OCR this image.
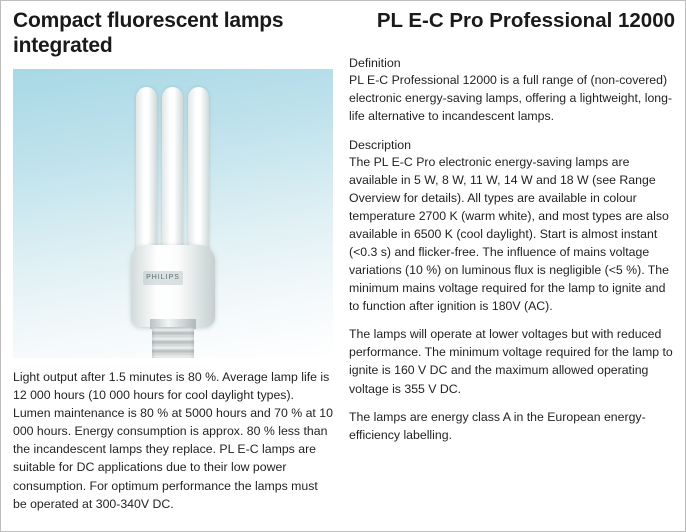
Compact fluorescent lamps integrated
PHILIPS

Light output after 1.5 minutes is 80 %. Average lamp life is 12 000 hours (10 000 hours for cool daylight types). Lumen maintenance is 80 % at 5000 hours and 70 % at 10 000 hours. Energy consumption is approx. 80 % less than the incandescent lamps they replace. PL E-C lamps are suitable for DC applications due to their low power consumption. For optimum performance the lamps must be operated at 300-340V DC.

PL E-C Pro Professional 12000
Definition

PL E-C Professional 12000 is a full range of (non-covered) electronic energy-saving lamps, offering a lightweight, long-life alternative to incandescent lamps.

Description

The PL E-C Pro electronic energy-saving lamps are available in 5 W, 8 W, 11 W, 14 W and 18 W (see Range Overview for details). All types are available in colour temperature 2700 K (warm white), and most types are also available in 6500 K (cool daylight). Start is almost instant (<0.3 s) and flicker-free. The influence of mains voltage variations (10 %) on luminous flux is negligible (<5 %). The minimum mains voltage required for the lamp to ignite and to function after ignition is 180V (AC).

The lamps will operate at lower voltages but with reduced performance. The minimum voltage required for the lamp to ignite is 160 V DC and the maximum allowed operating voltage is 355 V DC.

The lamps are energy class A in the European energy-efficiency labelling.
